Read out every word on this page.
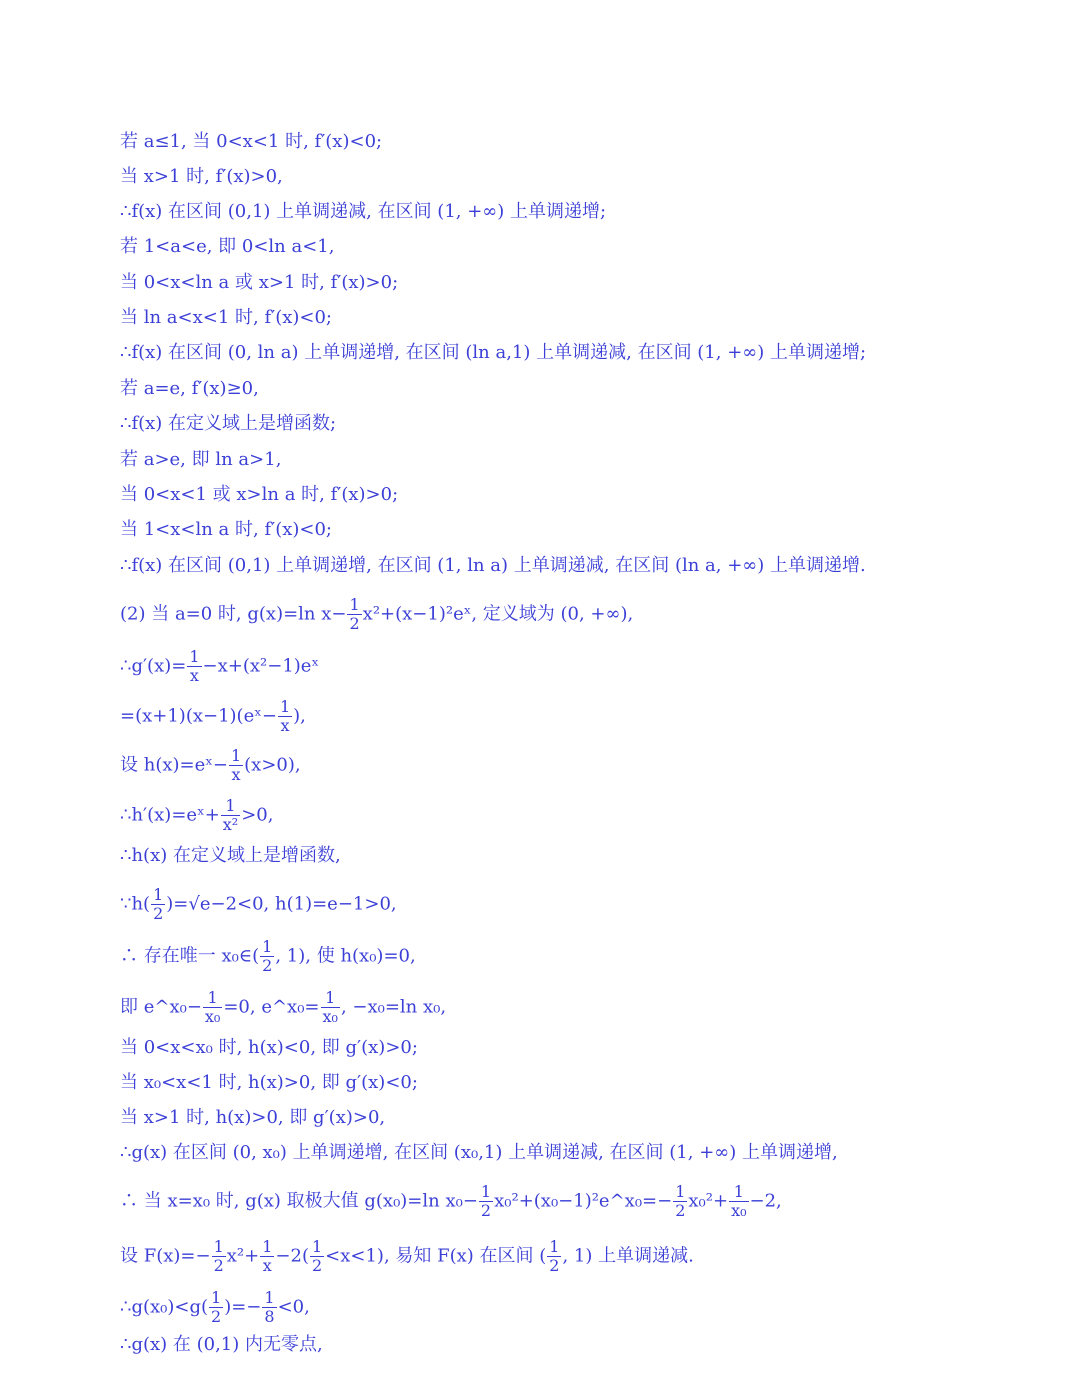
若 a≤1, 当 0<x<1 时, f′(x)<0;
当 x>1 时, f′(x)>0,
∴f(x) 在区间 (0,1) 上单调递减, 在区间 (1, +∞) 上单调递增;
若 1<a<e, 即 0<ln a<1,
当 0<x<ln a 或 x>1 时, f′(x)>0;
当 ln a<x<1 时, f′(x)<0;
∴f(x) 在区间 (0, ln a) 上单调递增, 在区间 (ln a,1) 上单调递减, 在区间 (1, +∞) 上单调递增;
若 a=e, f′(x)≥0,
∴f(x) 在定义域上是增函数;
若 a>e, 即 ln a>1,
当 0<x<1 或 x>ln a 时, f′(x)>0;
当 1<x<ln a 时, f′(x)<0;
∴f(x) 在区间 (0,1) 上单调递增, 在区间 (1, ln a) 上单调递减, 在区间 (ln a, +∞) 上单调递增.
(2) 当 a=0 时, g(x)=ln $x- \frac{1}{2}$ x²+(x−1)²eˣ, 定义域为 (0, +∞),
∴g′(x)= $\frac{1}{x}$ −x+(x²−1)eˣ
=(x+1)(x−1)(eˣ− $\frac{1}{x}$ ),
设 h(x)=eˣ− $\frac{1}{x} (x>0)$,
∴h′(x)=eˣ+ $\frac{1}{\text{x²}} >0$,
∴h(x) 在定义域上是增函数,
∵h( $\frac{1}{2} )=√e-2<0$, h(1)=e−1>0,
∴ 存在唯一 x₀∈( $\frac{1}{2}$ , 1), 使 h(x₀)=0,
即 e^x₀− $\frac{1}{\text{x₀}} =0$, e^x₀= $\frac{1}{\text{x₀}}$ , −x₀=ln x₀,
当 0<x<x₀ 时, h(x)<0, 即 g′(x)>0;
当 x₀<x<1 时, h(x)>0, 即 g′(x)<0;
当 x>1 时, h(x)>0, 即 g′(x)>0,
∴g(x) 在区间 (0, x₀) 上单调递增, 在区间 (x₀,1) 上单调递减, 在区间 (1, +∞) 上单调递增,
∴ 当 x=x₀ 时, g(x) 取极大值 g(x₀)=ln $x_0- \frac{1}{2}$ x₀²+(x₀−1)²e^x₀=− $\frac{1}{2} x_0^2+ \frac{1}{\text{x₀}} -2$,
设 $F(x)=- \frac{1}{2} x^2+ \frac{1}{x} -2( \frac{1}{2} <x<1)$, 易知 F(x) 在区间 ( $\frac{1}{2}$ , 1) 上单调递减.
∴g(x₀)<g( $\frac{1}{2}$ )=− $\frac{1}{8} <0$,
∴g(x) 在 (0,1) 内无零点,
